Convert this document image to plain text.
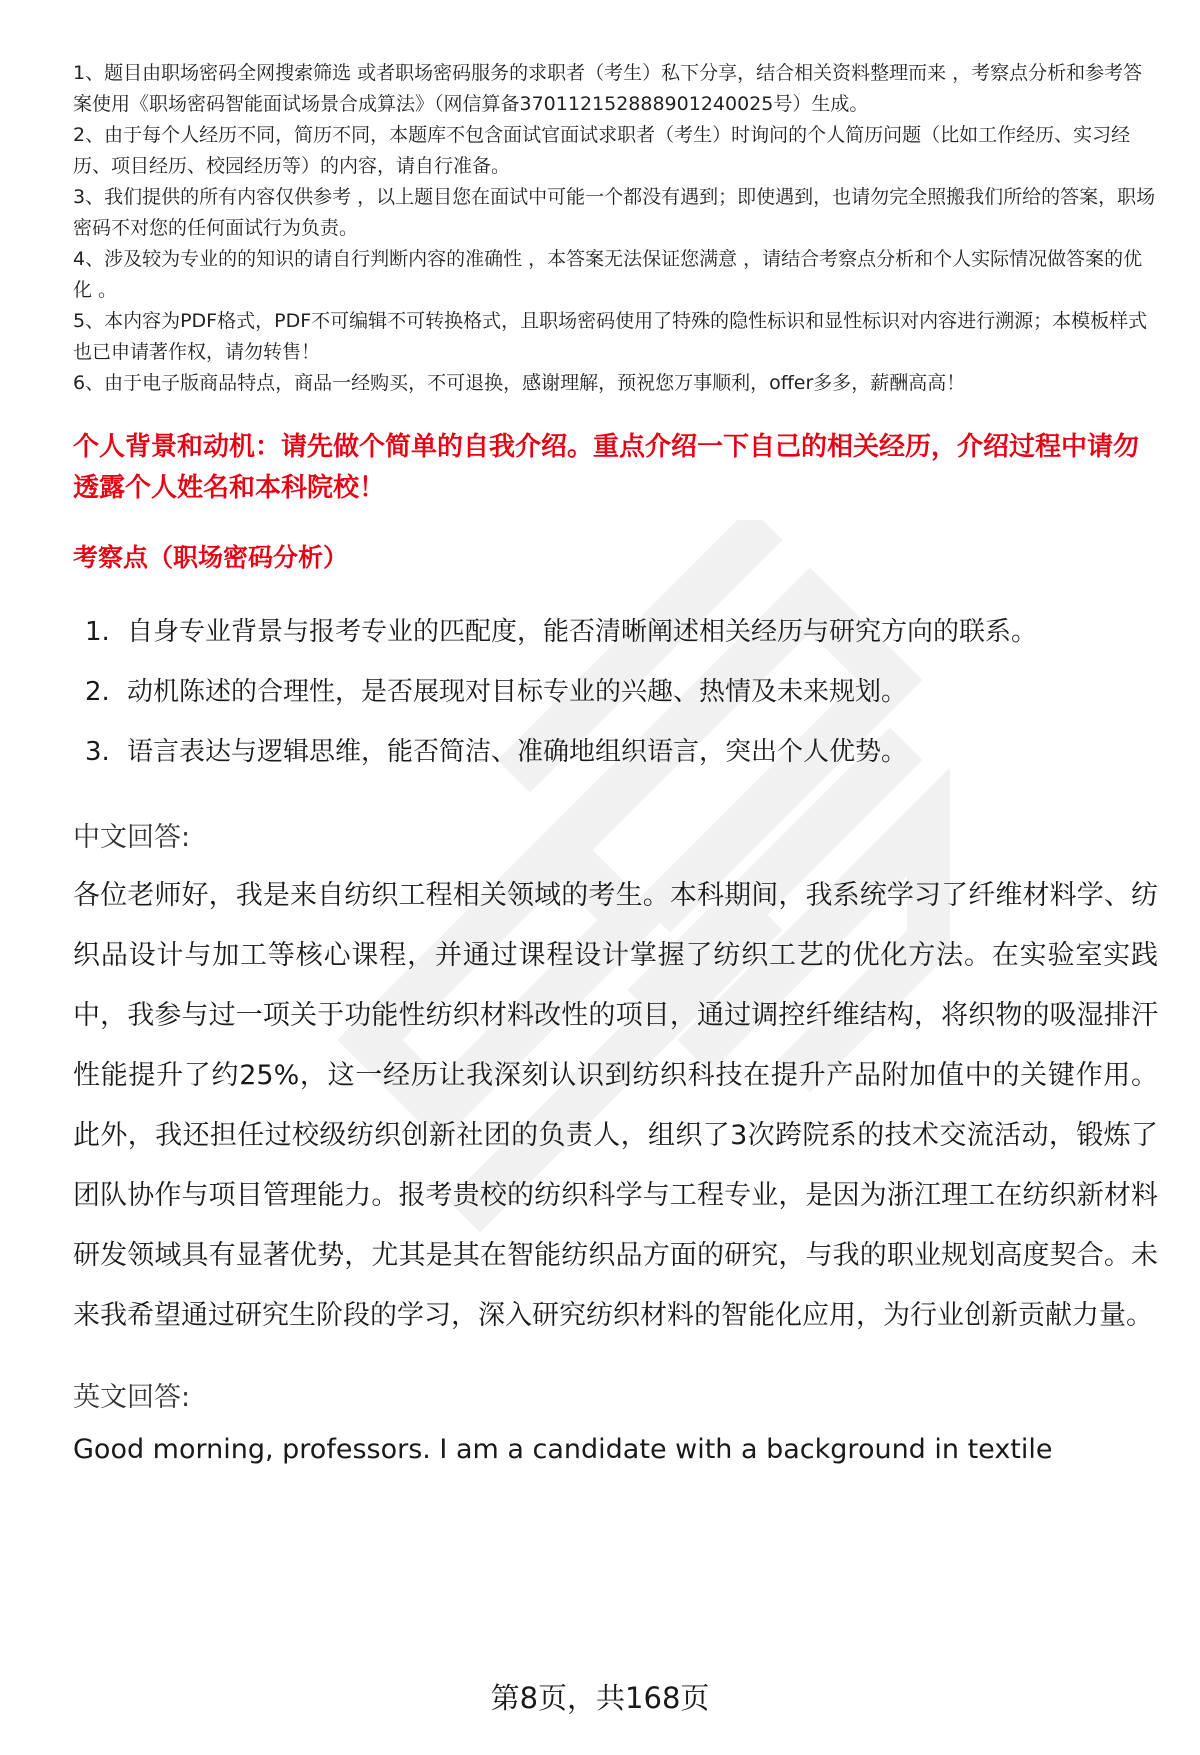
1、题目由职场密码全网搜索筛选 或者职场密码服务的求职者（考生）私下分享，结合相关资料整理而来 ，考察点分析和参考答案使用《职场密码智能面试场景合成算法》（网信算备370112152888901240025号）生成。
2、由于每个人经历不同，简历不同，本题库不包含面试官面试求职者（考生）时询问的个人简历问题（比如工作经历、实习经历、项目经历、校园经历等）的内容，请自行准备。
3、我们提供的所有内容仅供参考 ，以上题目您在面试中可能一个都没有遇到；即使遇到，也请勿完全照搬我们所给的答案，职场密码不对您的任何面试行为负责。
4、涉及较为专业的的知识的请自行判断内容的准确性 ，本答案无法保证您满意 ，请结合考察点分析和个人实际情况做答案的优化 。
5、本内容为PDF格式，PDF不可编辑不可转换格式，且职场密码使用了特殊的隐性标识和显性标识对内容进行溯源；本模板样式也已申请著作权，请勿转售！
6、由于电子版商品特点，商品一经购买，不可退换，感谢理解，预祝您万事顺利，offer多多，薪酬高高！
个人背景和动机：请先做个简单的自我介绍。重点介绍一下自己的相关经历，介绍过程中请勿透露个人姓名和本科院校！
考察点（职场密码分析）
1. 自身专业背景与报考专业的匹配度，能否清晰阐述相关经历与研究方向的联系。
2. 动机陈述的合理性，是否展现对目标专业的兴趣、热情及未来规划。
3. 语言表达与逻辑思维，能否简洁、准确地组织语言，突出个人优势。
中文回答:
各位老师好，我是来自纺织工程相关领域的考生。本科期间，我系统学习了纤维材料学、纺织品设计与加工等核心课程，并通过课程设计掌握了纺织工艺的优化方法。在实验室实践中，我参与过一项关于功能性纺织材料改性的项目，通过调控纤维结构，将织物的吸湿排汗性能提升了约25%，这一经历让我深刻认识到纺织科技在提升产品附加值中的关键作用。此外，我还担任过校级纺织创新社团的负责人，组织了3次跨院系的技术交流活动，锻炼了团队协作与项目管理能力。报考贵校的纺织科学与工程专业，是因为浙江理工在纺织新材料研发领域具有显著优势，尤其是其在智能纺织品方面的研究，与我的职业规划高度契合。未来我希望通过研究生阶段的学习，深入研究纺织材料的智能化应用，为行业创新贡献力量。
英文回答:
Good morning, professors. I am a candidate with a background in textile
第8页，共168页
